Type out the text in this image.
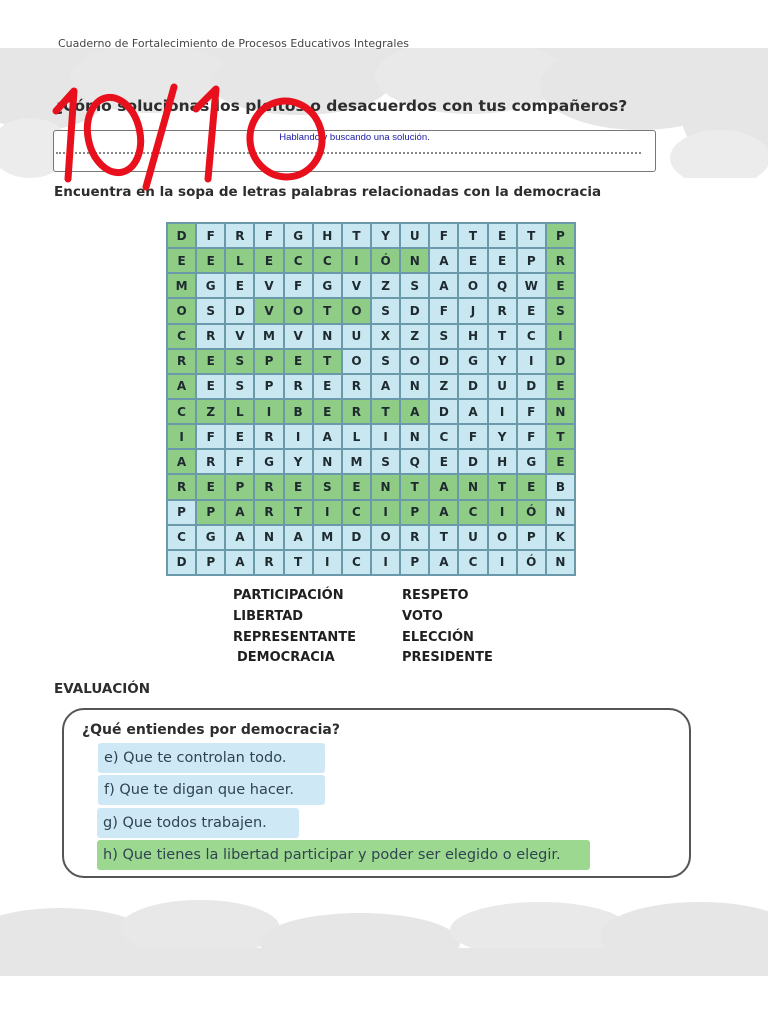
Cuaderno de Fortalecimiento de Procesos Educativos Integrales
¿Cómo solucionas los pleitos o desacuerdos con tus compañeros?
Hablando y buscando una solución.
Encuentra en la sopa de letras palabras relacionadas con la democracia
D	F	R	F	G	H	T	Y	U	F	T	E	T	P
E	E	L	E	C	C	I	Ó	N	A	E	E	P	R
M	G	E	V	F	G	V	Z	S	A	O	Q	W	E
O	S	D	V	O	T	O	S	D	F	J	R	E	S
C	R	V	M	V	N	U	X	Z	S	H	T	C	I
R	E	S	P	E	T	O	S	O	D	G	Y	I	D
A	E	S	P	R	E	R	A	N	Z	D	U	D	E
C	Z	L	I	B	E	R	T	A	D	A	I	F	N
I	F	E	R	I	A	L	I	N	C	F	Y	F	T
A	R	F	G	Y	N	M	S	Q	E	D	H	G	E
R	E	P	R	E	S	E	N	T	A	N	T	E	B
P	P	A	R	T	I	C	I	P	A	C	I	Ó	N
C	G	A	N	A	M	D	O	R	T	U	O	P	K
D	P	A	R	T	I	C	I	P	A	C	I	Ó	N
PARTICIPACIÓN
LIBERTAD
REPRESENTANTE
DEMOCRACIA
RESPETO
VOTO
ELECCIÓN
PRESIDENTE
EVALUACIÓN
¿Qué entiendes por democracia?
e) Que te controlan todo.
f) Que te digan que hacer.
g) Que todos trabajen.
h) Que tienes la libertad participar y poder ser elegido o elegir.
